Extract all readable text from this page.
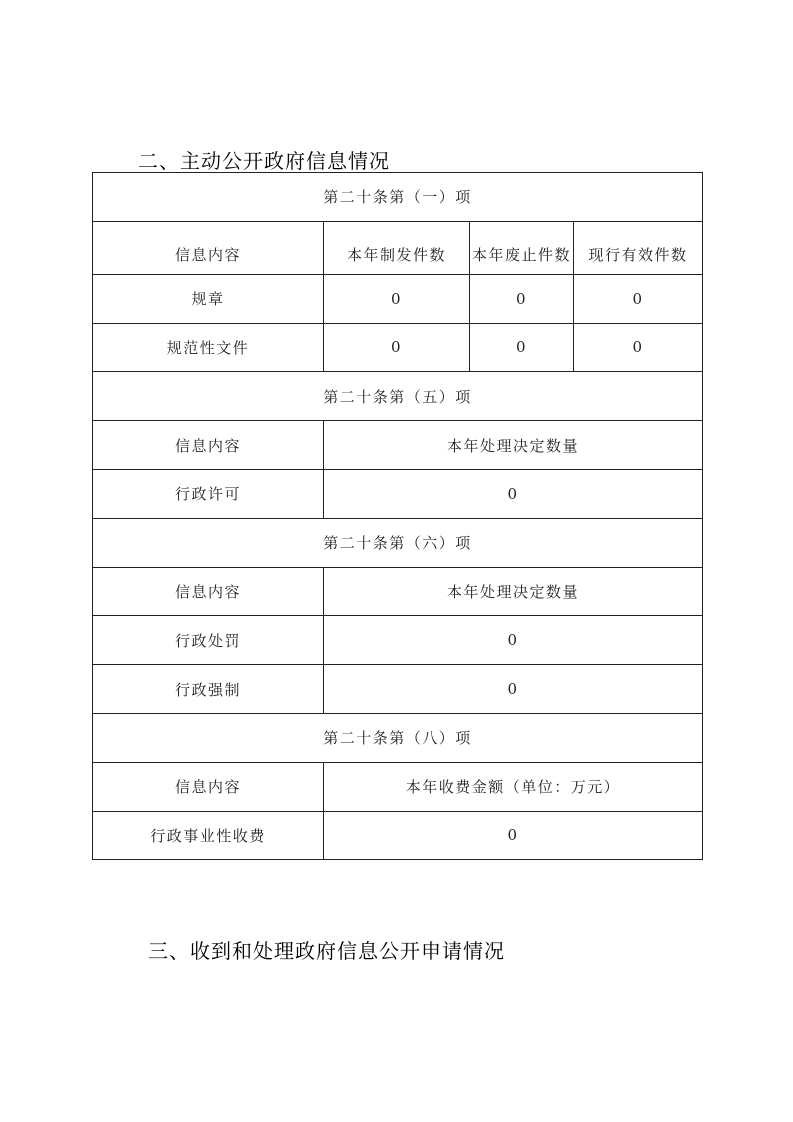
二、主动公开政府信息情况
第二十条第（一）项			
信息内容	本年制发件数	本年废止件数	现行有效件数
规章	0	0	0
规范性文件	0	0	0
第二十条第（五）项			
信息内容	本年处理决定数量		
行政许可	0		
第二十条第（六）项			
信息内容	本年处理决定数量		
行政处罚	0		
行政强制	0		
第二十条第（八）项			
信息内容	本年收费金额（单位：万元）		
行政事业性收费	0		
三、收到和处理政府信息公开申请情况
